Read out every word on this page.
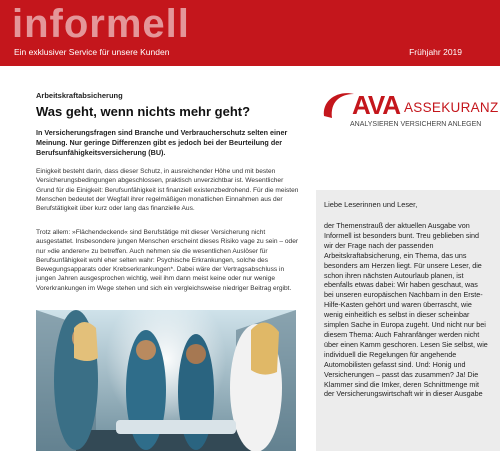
informell
Ein exklusiver Service für unsere Kunden	Frühjahr 2019
Arbeitskraftabsicherung
Was geht, wenn nichts mehr geht?
In Versicherungsfragen sind Branche und Verbraucherschutz selten einer Meinung. Nur geringe Differenzen gibt es jedoch bei der Beurteilung der Berufsunfähigkeitsversicherung (BU).
Einigkeit besteht darin, dass dieser Schutz, in ausreichender Höhe und mit besten Versicherungsbedingungen abgeschlossen, praktisch unverzichtbar ist. Wesentlicher Grund für die Einigkeit: Berufsunfähigkeit ist finanziell existenzbedrohend. Für die meisten Menschen bedeutet der Wegfall ihrer regelmäßigen monatlichen Einnahmen aus der Berufstätigkeit über kurz oder lang das finanzielle Aus.
Trotz allem: »Flächendeckend« sind Berufstätige mit dieser Versicherung nicht ausgestattet. Insbesondere jungen Menschen erscheint dieses Risiko vage zu sein – oder nur »die anderen« zu betreffen. Auch nehmen sie die wesentlichen Auslöser für Berufsunfähigkeit wohl eher selten wahr: Psychische Erkrankungen, solche des Bewegungsapparats oder Krebserkrankungen*. Dabei wäre der Vertragsabschluss in jungen Jahren ausgesprochen wichtig, weil ihm dann meist keine oder nur wenige Vorerkrankungen im Wege stehen und sich ein vergleichsweise niedriger Beitrag ergibt.
AVA ASSEKURANZ
ANALYSIEREN VERSICHERN ANLEGEN
Liebe Leserinnen und Leser,
der Themenstrauß der aktuellen Ausgabe von Informell ist besonders bunt. Treu geblieben sind wir der Frage nach der passenden Arbeitskraftabsicherung, ein Thema, das uns besonders am Herzen liegt. Für unsere Leser, die schon ihren nächsten Autourlaub planen, ist ebenfalls etwas dabei: Wir haben geschaut, was bei unseren europäischen Nachbarn in den Erste-Hilfe-Kasten gehört und waren überrascht, wie wenig einheitlich es selbst in dieser scheinbar simplen Sache in Europa zugeht. Und nicht nur bei diesem Thema: Auch Fahranfänger werden nicht über einen Kamm geschoren. Lesen Sie selbst, wie individuell die Regelungen für angehende Automobilisten gefasst sind. Und: Honig und Versicherungen – passt das zusammen? Ja! Die Klammer sind die Imker, deren Schnittmenge mit der Versicherungswirtschaft wir in dieser Ausgabe
